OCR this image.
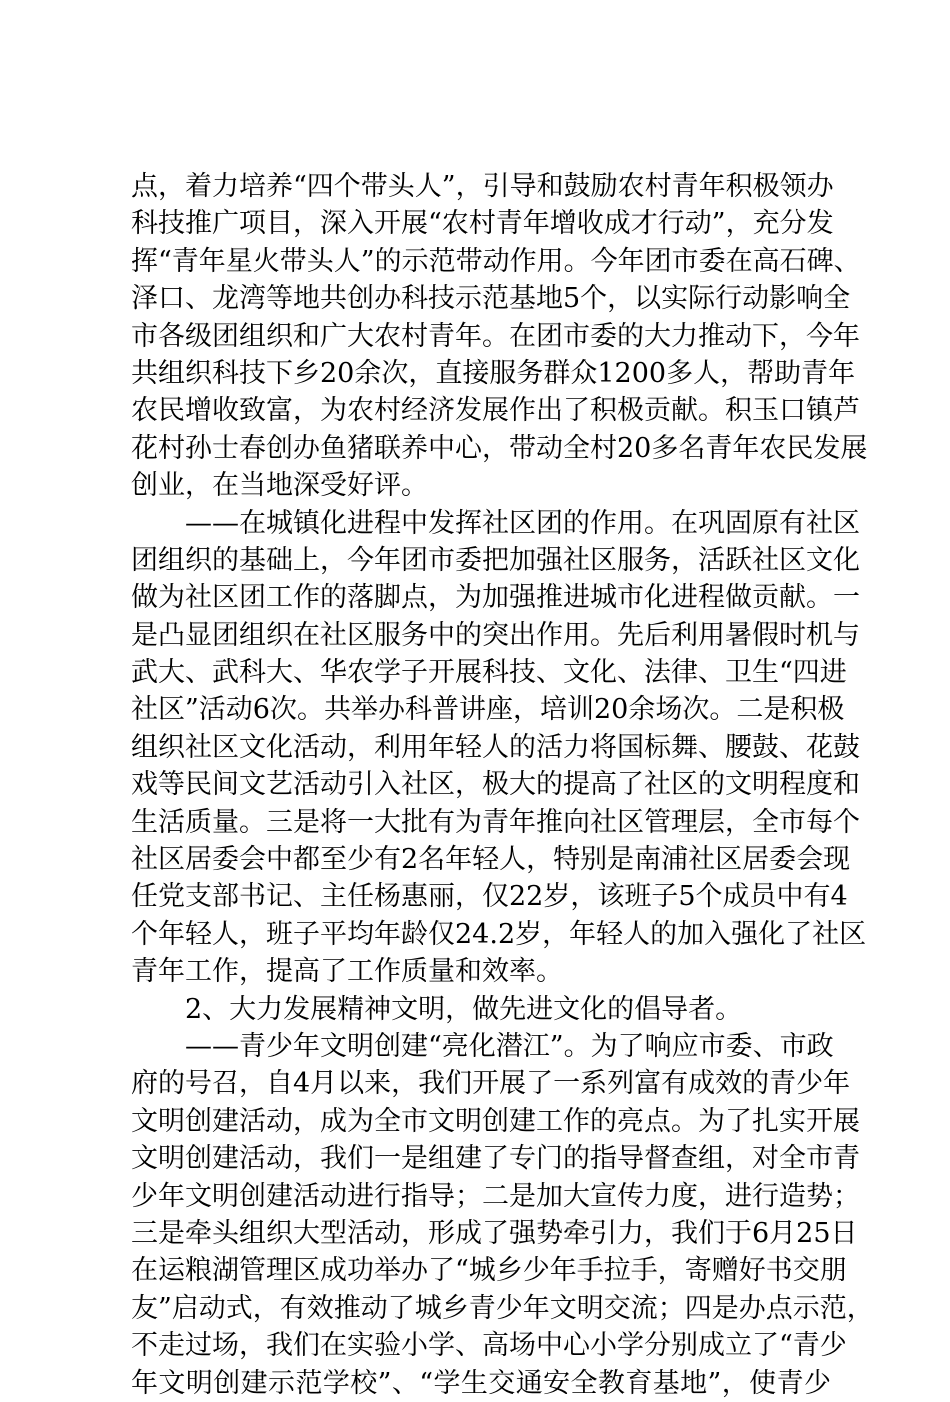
点，着力培养“四个带头人”，引导和鼓励农村青年积极领办
科技推广项目，深入开展“农村青年增收成才行动”，充分发
挥“青年星火带头人”的示范带动作用。今年团市委在高石碑、
泽口、龙湾等地共创办科技示范基地5个，以实际行动影响全
市各级团组织和广大农村青年。在团市委的大力推动下，今年
共组织科技下乡20余次，直接服务群众1200多人，帮助青年
农民增收致富，为农村经济发展作出了积极贡献。积玉口镇芦
花村孙士春创办鱼猪联养中心，带动全村20多名青年农民发展
创业，在当地深受好评。
　　——在城镇化进程中发挥社区团的作用。在巩固原有社区
团组织的基础上，今年团市委把加强社区服务，活跃社区文化
做为社区团工作的落脚点，为加强推进城市化进程做贡献。一
是凸显团组织在社区服务中的突出作用。先后利用暑假时机与
武大、武科大、华农学子开展科技、文化、法律、卫生“四进
社区”活动6次。共举办科普讲座，培训20余场次。二是积极
组织社区文化活动，利用年轻人的活力将国标舞、腰鼓、花鼓
戏等民间文艺活动引入社区，极大的提高了社区的文明程度和
生活质量。三是将一大批有为青年推向社区管理层，全市每个
社区居委会中都至少有2名年轻人，特别是南浦社区居委会现
任党支部书记、主任杨惠丽，仅22岁，该班子5个成员中有4
个年轻人，班子平均年龄仅24.2岁，年轻人的加入强化了社区
青年工作，提高了工作质量和效率。
　　2、大力发展精神文明，做先进文化的倡导者。
　　——青少年文明创建“亮化潜江”。为了响应市委、市政
府的号召，自4月以来，我们开展了一系列富有成效的青少年
文明创建活动，成为全市文明创建工作的亮点。为了扎实开展
文明创建活动，我们一是组建了专门的指导督查组，对全市青
少年文明创建活动进行指导；二是加大宣传力度，进行造势；
三是牵头组织大型活动，形成了强势牵引力，我们于6月25日
在运粮湖管理区成功举办了“城乡少年手拉手，寄赠好书交朋
友”启动式，有效推动了城乡青少年文明交流；四是办点示范，
不走过场，我们在实验小学、高场中心小学分别成立了“青少
年文明创建示范学校”、“学生交通安全教育基地”，使青少
